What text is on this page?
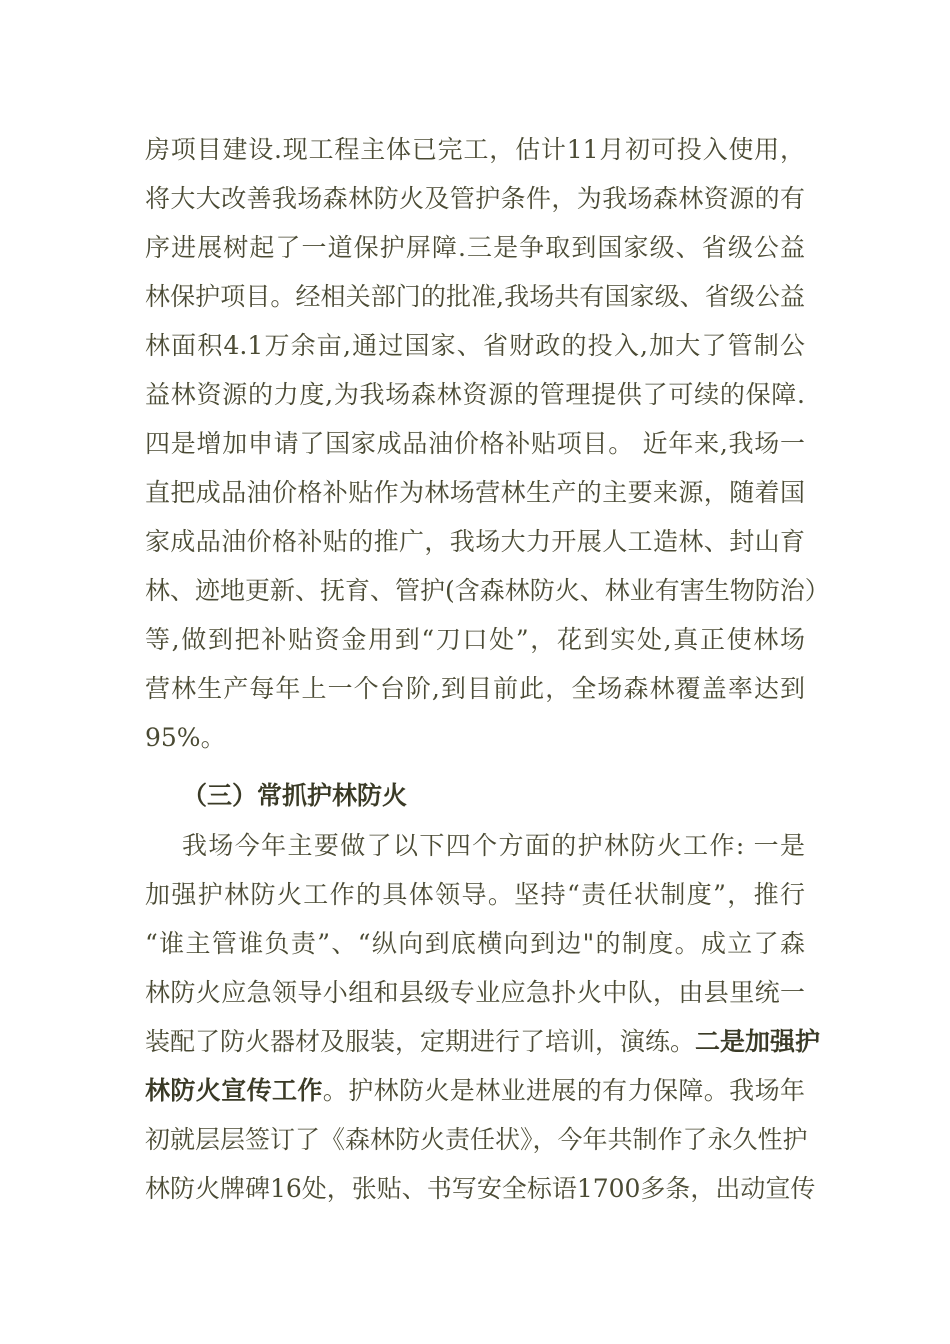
房项目建设.现工程主体已完工，估计11月初可投入使用，
将大大改善我场森林防火及管护条件，为我场森林资源的有
序进展树起了一道保护屏障.三是争取到国家级、省级公益
林保护项目。经相关部门的批准,我场共有国家级、省级公益
林面积4.1万余亩,通过国家、省财政的投入,加大了管制公
益林资源的力度,为我场森林资源的管理提供了可续的保障.
四是增加申请了国家成品油价格补贴项目。 近年来,我场一
直把成品油价格补贴作为林场营林生产的主要来源，随着国
家成品油价格补贴的推广，我场大力开展人工造林、封山育
林、迹地更新、抚育、管护(含森林防火、林业有害生物防治）
等,做到把补贴资金用到“刀口处”，花到实处,真正使林场
营林生产每年上一个台阶,到目前此，全场森林覆盖率达到
95%。
（三）常抓护林防火
我场今年主要做了以下四个方面的护林防火工作: 一是
加强护林防火工作的具体领导。坚持“责任状制度”，推行
“谁主管谁负责”、“纵向到底横向到边"的制度。成立了森
林防火应急领导小组和县级专业应急扑火中队，由县里统一
装配了防火器材及服装，定期进行了培训，演练。二是加强护
林防火宣传工作。护林防火是林业进展的有力保障。我场年
初就层层签订了《森林防火责任状》，今年共制作了永久性护
林防火牌碑16处，张贴、书写安全标语1700多条，出动宣传
